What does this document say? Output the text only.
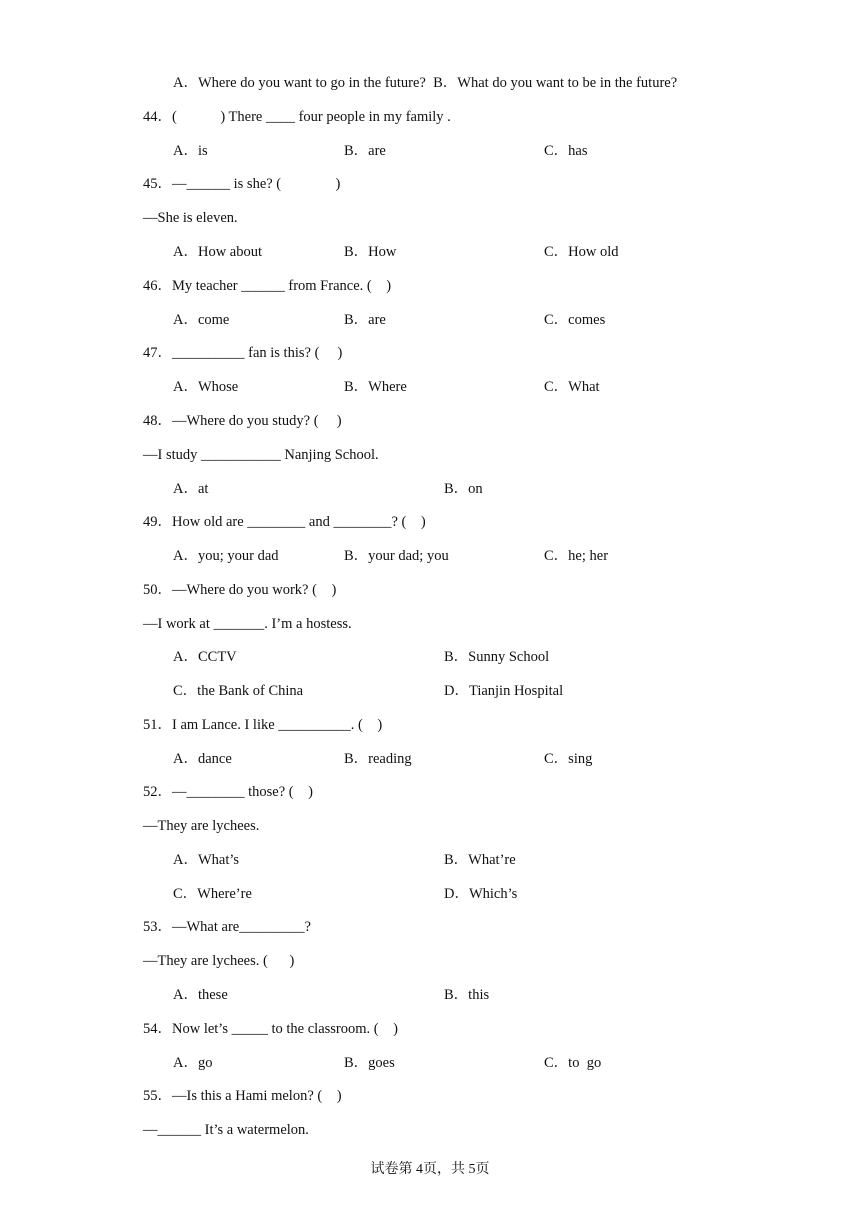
A．Where do you want to go in the future?  B．What do you want to be in the future?
44．(            ) There ____ four people in my family .
A．is	B．are	C．has
45．—______ is she? (               )
—She is eleven.
A．How about	B．How	C．How old
46．My teacher ______ from France. (    )
A．come	B．are	C．comes
47．__________ fan is this? (     )
A．Whose	B．Where	C．What
48．—Where do you study? (     )
—I study ___________ Nanjing School.
A．at	B．on
49．How old are ________ and ________? (    )
A．you; your dad	B．your dad; you	C．he; her
50．—Where do you work? (    )
—I work at _______. I’m a hostess.
A．CCTV	B．Sunny School
C．the Bank of China	D．Tianjin Hospital
51．I am Lance. I like __________. (    )
A．dance	B．reading	C．sing
52．—________ those? (    )
—They are lychees.
A．What’s	B．What’re
C．Where’re	D．Which’s
53．—What are_________?
—They are lychees. (      )
A．these	B．this
54．Now let’s _____ to the classroom. (    )
A．go	B．goes	C．to  go
55．—Is this a Hami melon? (    )
—______ It’s a watermelon.
试卷第 4页，共 5页
